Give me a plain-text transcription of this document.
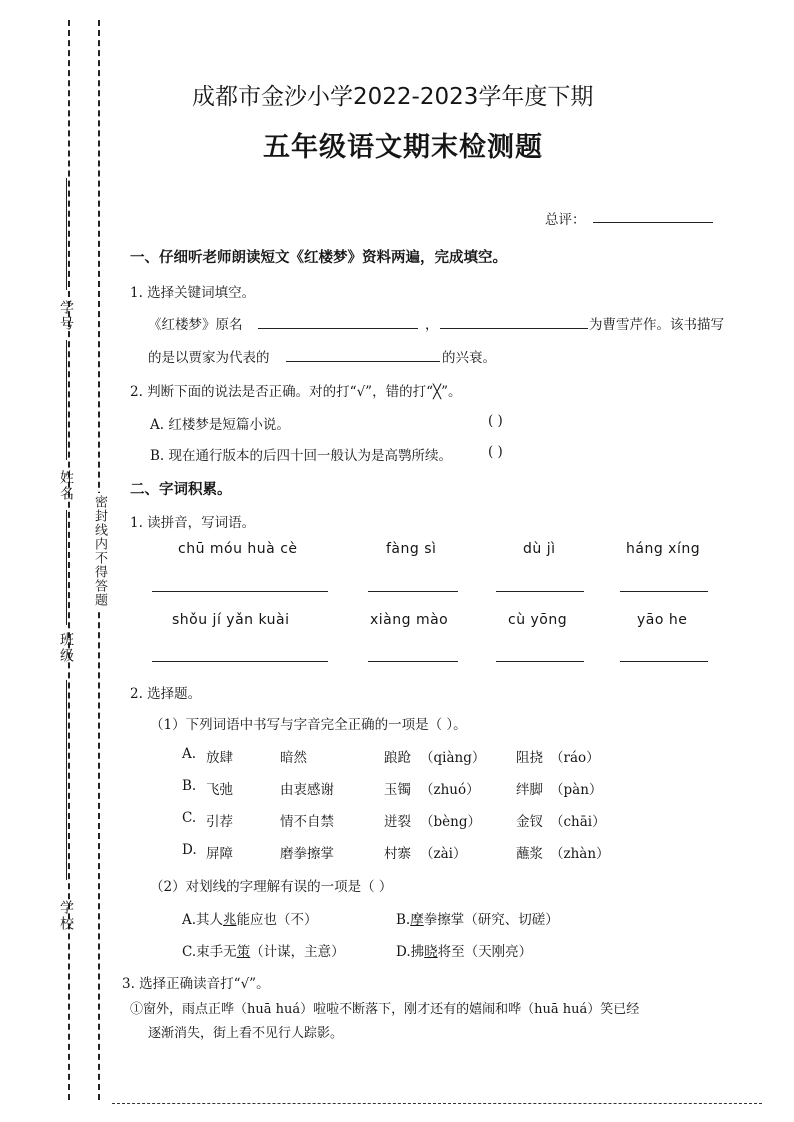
学号
姓名
班级
学校
密封线内不得答题
成都市金沙小学2022-2023学年度下期
五年级语文期末检测题
总评：
一、仔细听老师朗读短文《红楼梦》资料两遍，完成填空。
1. 选择关键词填空。
《红楼梦》原名	，	为曹雪芹作。该书描写
的是以贾家为代表的	的兴衰。
2. 判断下面的说法是否正确。对的打“√”，错的打“╳”。
A. 红楼梦是短篇小说。	( )
B. 现在通行版本的后四十回一般认为是高鹗所续。	( )
二、字词积累。
1. 读拼音，写词语。
chū móu huà cè	fàng sì	dù jì	háng xíng
shǒu jí yǎn kuài	xiàng mào	cù yōng	yāo he
2. 选择题。
（1）下列词语中书写与字音完全正确的一项是（ ）。
A. 放肆	暗然	踉跄 （qiàng） 阻挠 （ráo）
B. 飞弛	由衷感谢	玉镯 （zhuó）	绊脚 （pàn）
C. 引荐	情不自禁	迸裂 （bèng）	金钗 （chāi）
D. 屏障	磨拳擦掌	村寨 （zài）	蘸浆 （zhàn）
（2）对划线的字理解有误的一项是（ ）
A.其人兆能应也（不）	B.摩拳擦掌（研究、切磋）
C.束手无策（计谋，主意）	D.拂晓将至（天刚亮）
3. 选择正确读音打“√”。
①窗外，雨点正哗（huā huá）啦啦不断落下，刚才还有的嬉闹和哗（huā huá）笑已经
逐渐消失，街上看不见行人踪影。
